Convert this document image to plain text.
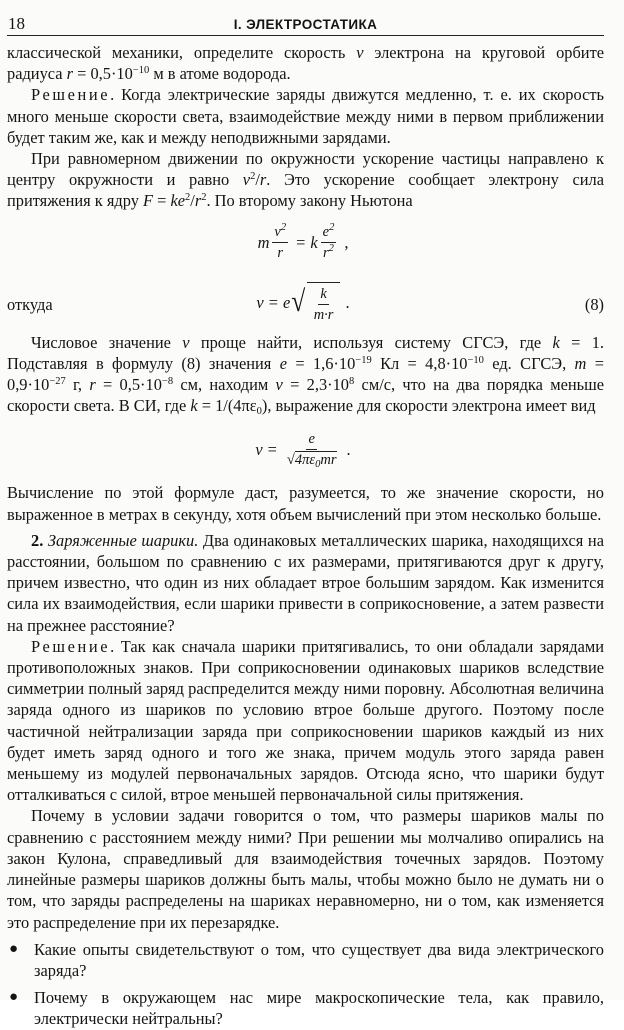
18	I. ЭЛЕКТРОСТАТИКА

классической механики, определите скорость v электрона на круговой орбите радиуса $r = 0,5\cdot 10^{-10}$ м в атоме водорода.

Решение. Когда электрические заряды движутся медленно, т. е. их скорость много меньше скорости света, взаимодействие между ними в первом приближении будет таким же, как и между неподвижными зарядами.

При равномерном движении по окружности ускорение частицы направлено к центру окружности и равно $v^2/r$. Это ускорение сообщает электрону сила притяжения к ядру $F = ke^2/r^2$. По второму закону Ньютона

m $\frac{v^2}{r} = k \frac{e^2}{r^2}$ ,
откуда	v = e √ $\frac{k}{m\cdot r}$ .	(8)

Числовое значение v проще найти, используя систему СГСЭ, где k = 1. Подставляя в формулу (8) значения $e = 1,6\cdot 10^{-19}$ Кл = $4,8\cdot 10^{-10}$ ед. СГСЭ, $m = 0,9\cdot 10^{-27}$ г, $r = 0,5\cdot 10^{-8}$ см, находим $v = 2,3\cdot 10^8$ см/с, что на два порядка меньше скорости света. В СИ, где $k = 1/(4\pi\varepsilon_0)$, выражение для скорости электрона имеет вид

$v = \frac{e}{√4\pi\varepsilon_0mr}$ .

Вычисление по этой формуле даст, разумеется, то же значение скорости, но выраженное в метрах в секунду, хотя объем вычислений при этом несколько больше.

2. Заряженные шарики. Два одинаковых металлических шарика, находящихся на расстоянии, большом по сравнению с их размерами, притягиваются друг к другу, причем известно, что один из них обладает втрое большим зарядом. Как изменится сила их взаимодействия, если шарики привести в соприкосновение, а затем развести на прежнее расстояние?

Решение. Так как сначала шарики притягивались, то они обладали зарядами противоположных знаков. При соприкосновении одинаковых шариков вследствие симметрии полный заряд распределится между ними поровну. Абсолютная величина заряда одного из шариков по условию втрое больше другого. Поэтому после частичной нейтрализации заряда при соприкосновении шариков каждый из них будет иметь заряд одного и того же знака, причем модуль этого заряда равен меньшему из модулей первоначальных зарядов. Отсюда ясно, что шарики будут отталкиваться с силой, втрое меньшей первоначальной силы притяжения.

Почему в условии задачи говорится о том, что размеры шариков малы по сравнению с расстоянием между ними? При решении мы молчаливо опирались на закон Кулона, справедливый для взаимодействия точечных зарядов. Поэтому линейные размеры шариков должны быть малы, чтобы можно было не думать ни о том, что заряды распределены на шариках неравномерно, ни о том, как изменяется это распределение при их перезарядке.

● Какие опыты свидетельствуют о том, что существует два вида электрического заряда?
● Почему в окружающем нас мире макроскопические тела, как правило, электрически нейтральны?
